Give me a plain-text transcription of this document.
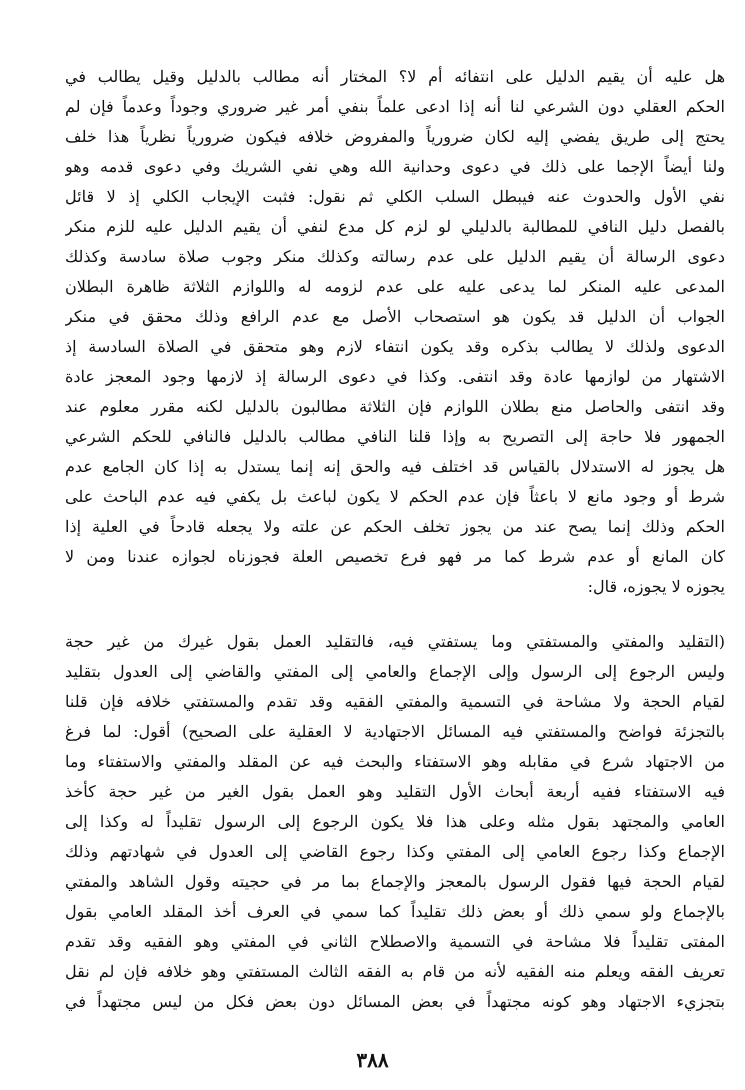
هل عليه أن يقيم الدليل على انتفائه أم لا؟ المختار أنه مطالب بالدليل وقيل يطالب في
الحكم العقلي دون الشرعي لنا أنه إذا ادعى علماً بنفي أمر غير ضروري وجوداً وعدماً فإن لم
يحتج إلى طريق يفضي إليه لكان ضرورياً والمفروض خلافه فيكون ضرورياً نظرياً هذا خلف
ولنا أيضاً الإجما على ذلك في دعوى وحدانية الله وهي نفي الشريك وفي دعوى قدمه وهو
نفي الأول والحدوث عنه فيبطل السلب الكلي ثم نقول: فثبت الإيجاب الكلي إذ لا قائل
بالفصل دليل النافي للمطالبة بالدليلي لو لزم كل مدع لنفي أن يقيم الدليل عليه للزم منكر
دعوى الرسالة أن يقيم الدليل على عدم رسالته وكذلك منكر وجوب صلاة سادسة وكذلك
المدعى عليه المنكر لما يدعى عليه على عدم لزومه له واللوازم الثلاثة ظاهرة البطلان
الجواب أن الدليل قد يكون هو استصحاب الأصل مع عدم الرافع وذلك محقق في منكر
الدعوى ولذلك لا يطالب بذكره وقد يكون انتفاء لازم وهو متحقق في الصلاة السادسة إذ
الاشتهار من لوازمها عادة وقد انتفى. وكذا في دعوى الرسالة إذ لازمها وجود المعجز عادة
وقد انتفى والحاصل منع بطلان اللوازم فإن الثلاثة مطالبون بالدليل لكنه مقرر معلوم عند
الجمهور فلا حاجة إلى التصريح به وإذا قلنا النافي مطالب بالدليل فالنافي للحكم الشرعي
هل يجوز له الاستدلال بالقياس قد اختلف فيه والحق إنه إنما يستدل به إذا كان الجامع عدم
شرط أو وجود مانع لا باعثاً فإن عدم الحكم لا يكون لباعث بل يكفي فيه عدم الباحث على
الحكم وذلك إنما يصح عند من يجوز تخلف الحكم عن علته ولا يجعله قادحاً في العلية إذا
كان المانع أو عدم شرط كما مر فهو فرع تخصيص العلة فجوزناه لجوازه عندنا ومن لا
يجوزه لا يجوزه، قال:
(التقليد والمفتي والمستفتي وما يستفتي فيه، فالتقليد العمل بقول غيرك من غير حجة
وليس الرجوع إلى الرسول وإلى الإجماع والعامي إلى المفتي والقاضي إلى العدول بتقليد
لقيام الحجة ولا مشاحة في التسمية والمفتي الفقيه وقد تقدم والمستفتي خلافه فإن قلنا
بالتجزئة فواضح والمستفتي فيه المسائل الاجتهادية لا العقلية على الصحيح) أقول: لما فرغ
من الاجتهاد شرع في مقابله وهو الاستفتاء والبحث فيه عن المقلد والمفتي والاستفتاء وما
فيه الاستفتاء ففيه أربعة أبحاث الأول التقليد وهو العمل بقول الغير من غير حجة كأخذ
العامي والمجتهد بقول مثله وعلى هذا فلا يكون الرجوع إلى الرسول تقليداً له وكذا إلى
الإجماع وكذا رجوع العامي إلى المفتي وكذا رجوع القاضي إلى العدول في شهادتهم وذلك
لقيام الحجة فيها فقول الرسول بالمعجز والإجماع بما مر في حجيته وقول الشاهد والمفتي
بالإجماع ولو سمي ذلك أو بعض ذلك تقليداً كما سمي في العرف أخذ المقلد العامي بقول
المفتى تقليداً فلا مشاحة في التسمية والاصطلاح الثاني في المفتي وهو الفقيه وقد تقدم
تعريف الفقه ويعلم منه الفقيه لأنه من قام به الفقه الثالث المستفتي وهو خلافه فإن لم نقل
بتجزيء الاجتهاد وهو كونه مجتهداً في بعض المسائل دون بعض فكل من ليس مجتهداً في
٣٨٨
